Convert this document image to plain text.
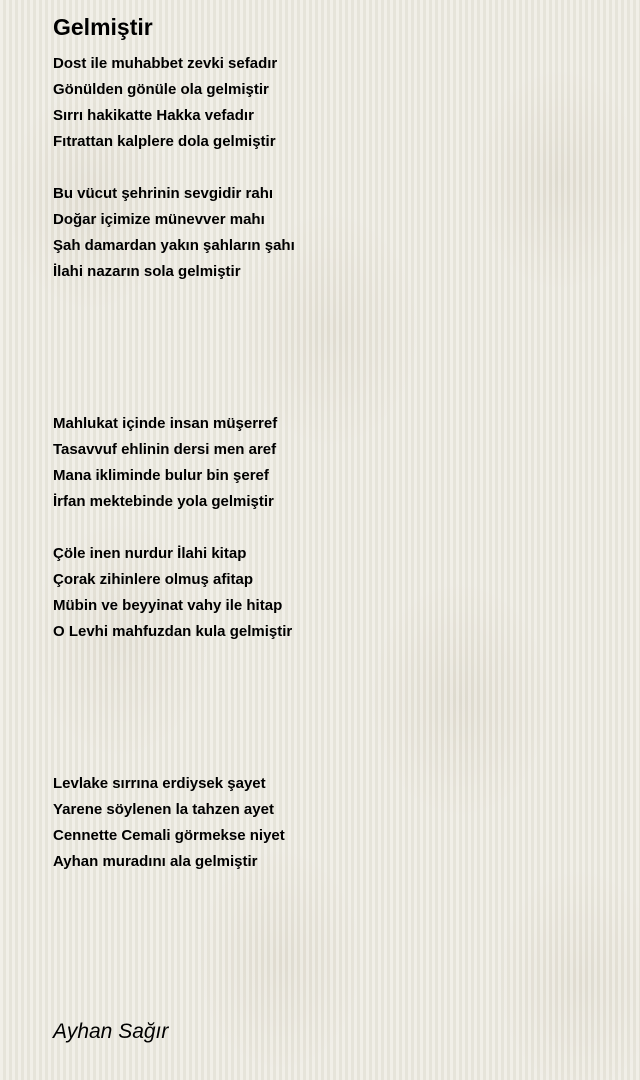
Gelmiştir
Dost ile muhabbet zevki sefadır
Gönülden gönüle ola gelmiştir
Sırrı hakikatte Hakka vefadır
Fıtrattan kalplere dola gelmiştir
Bu vücut şehrinin sevgidir rahı
Doğar içimize münevver mahı
Şah damardan yakın şahların şahı
İlahi nazarın sola gelmiştir
Mahlukat içinde insan müşerref
Tasavvuf ehlinin dersi men aref
Mana ikliminde bulur bin şeref
İrfan mektebinde yola gelmiştir
Çöle inen nurdur İlahi kitap
Çorak zihinlere olmuş afitap
Mübin ve beyyinat vahy ile hitap
O Levhi mahfuzdan kula gelmiştir
Levlake sırrına erdiysek şayet
Yarene söylenen la tahzen ayet
Cennette Cemali görmekse niyet
Ayhan muradını ala gelmiştir
Ayhan Sağır
